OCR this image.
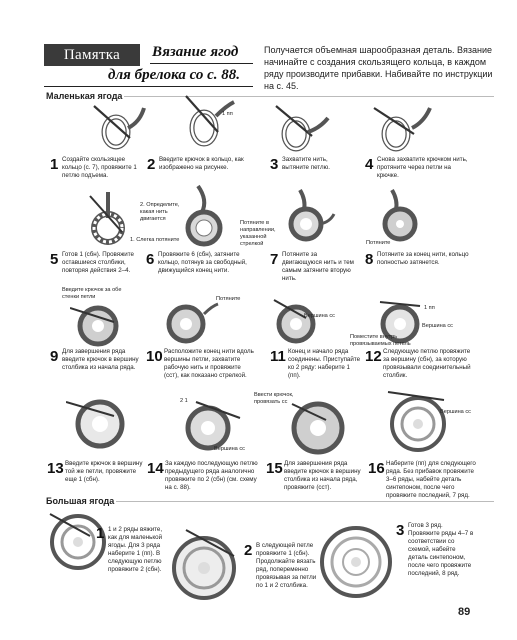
Памятка	Вязание ягод
для брелока со с. 88.
Получается объемная шарообразная деталь. Вязание начинайте с создания скользящего кольца, в каждом ряду производите прибавки. Набивайте по инструкции на с. 45.
Маленькая ягода
1 пп
1 Создайте скользящее кольцо (с. 7), провяжите 1 петлю подъема.
2 Введите крючок в кольцо, как изображено на рисунке.	3 Захватите нить, вытяните петлю.	4 Снова захватите крючком нить, протяните через петли на крючке.
2. Определите, какая нить двигается
1. Слегка потяните
Потяните в направлении, указанной стрелкой	Потяните
5 Готов 1 (сбн). Провяжите оставшиеся столбики, повторяя действия 2–4.
6 Провяжите 6 (сбн), затяните кольцо, потянув за свободный, движущийся конец нити.
7 Потяните за двигающуюся нить и тем самым затяните вторую нить.
8 Потяните за конец нити, кольцо полностью затянется.
Введите крючок за обе стенки петли	Потяните
Вершина сс
1 пп
Вершина сс
Поместите внутрь провязываемых петель
9 Для завершения ряда введите крючок в вершину столбика из начала ряда.
10 Расположите конец нити вдоль вершины петли, захватите рабочую нить и провяжите (сст), как показано стрелкой.
11 Конец и начало ряда соединены. Приступайте ко 2 ряду: наберите 1 (пп).
12 Следующую петлю провяжите за вершину (сбн), за которую провязывали соединительный столбик.
2 1
Вершина сс
Ввести крючок, провязать сс
Вершина сс
13 Введите крючок в вершину той же петли, провяжите еще 1 (сбн).
14 За каждую последующую петлю предыдущего ряда аналогично провяжите по 2 (сбн) (см. схему на с. 88).
15 Для завершения ряда введите крючок в вершину столбика из начала ряда, провяжите (сст).
16 Наберите (пп) для следующего ряда. Без прибавок провяжите 3–6 ряды, набейте деталь синтепоном, после чего провяжите последний, 7 ряд.
Большая ягода
1 1 и 2 ряды вяжите, как для маленькой ягоды. Для 3 ряда наберите 1 (пп). В следующую петлю провяжите 2 (сбн).
2 В следующей петле провяжите 1 (сбн). Продолжайте вязать ряд, попеременно провязывая за петли по 1 и 2 столбика.
3 Готов 3 ряд. Провяжите ряды 4–7 в соответствии со схемой, набейте деталь синтепоном, после чего провяжите последний, 8 ряд.
89
